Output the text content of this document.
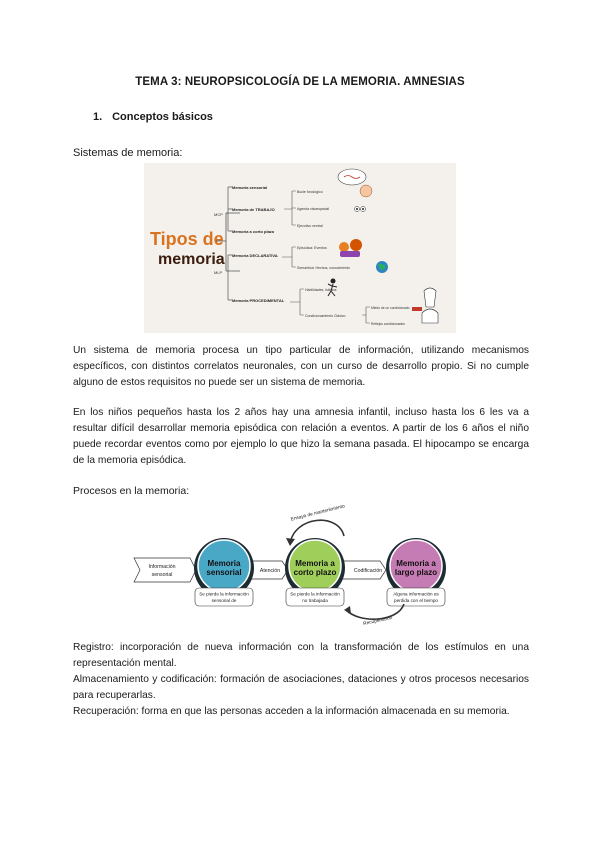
TEMA 3: NEUROPSICOLOGÍA DE LA MEMORIA. AMNESIAS
1. Conceptos básicos
Sistemas de memoria:
Tipos de
memoria
MCP
MLP
Memoria sensorial
Memoria de TRABAJO
Memoria a corto plazo
Memoria DECLARATIVA
Memoria PROCEDIMENTAL
Bucle fonológico
Agenda visoespacial
Ejecutivo central
Episódica: Eventos
Semántica: Hechos, conocimiento
Habilidades, hábitos
Condicionamiento Clásico
Miedo de un condicionado
Reflejos condicionados
Un sistema de memoria procesa un tipo particular de información, utilizando mecanismos específicos, con distintos correlatos neuronales, con un curso de desarrollo propio. Si no cumple alguno de estos requisitos no puede ser un sistema de memoria.
En los niños pequeños hasta los 2 años hay una amnesia infantil, incluso hasta los 6 les va a resultar difícil desarrollar memoria episódica con relación a eventos. A partir de los 6 años el niño puede recordar eventos como por ejemplo lo que hizo la semana pasada. El hipocampo se encarga de la memoria episódica.
Procesos en la memoria:
Información
sensorial
Atención	Codificación
Memoria
sensorial
Se pierde la información
sensorial de
Memoria a
corto plazo
Se pierde la información
no trabajada
Memoria a
largo plazo
Alguna información es
perdida con el tiempo
Ensayo de mantenimiento
Recuperación
Registro: incorporación de nueva información con la transformación de los estímulos en una representación mental.
Almacenamiento y codificación: formación de asociaciones, dataciones y otros procesos necesarios para recuperarlas.
Recuperación: forma en que las personas acceden a la información almacenada en su memoria.
